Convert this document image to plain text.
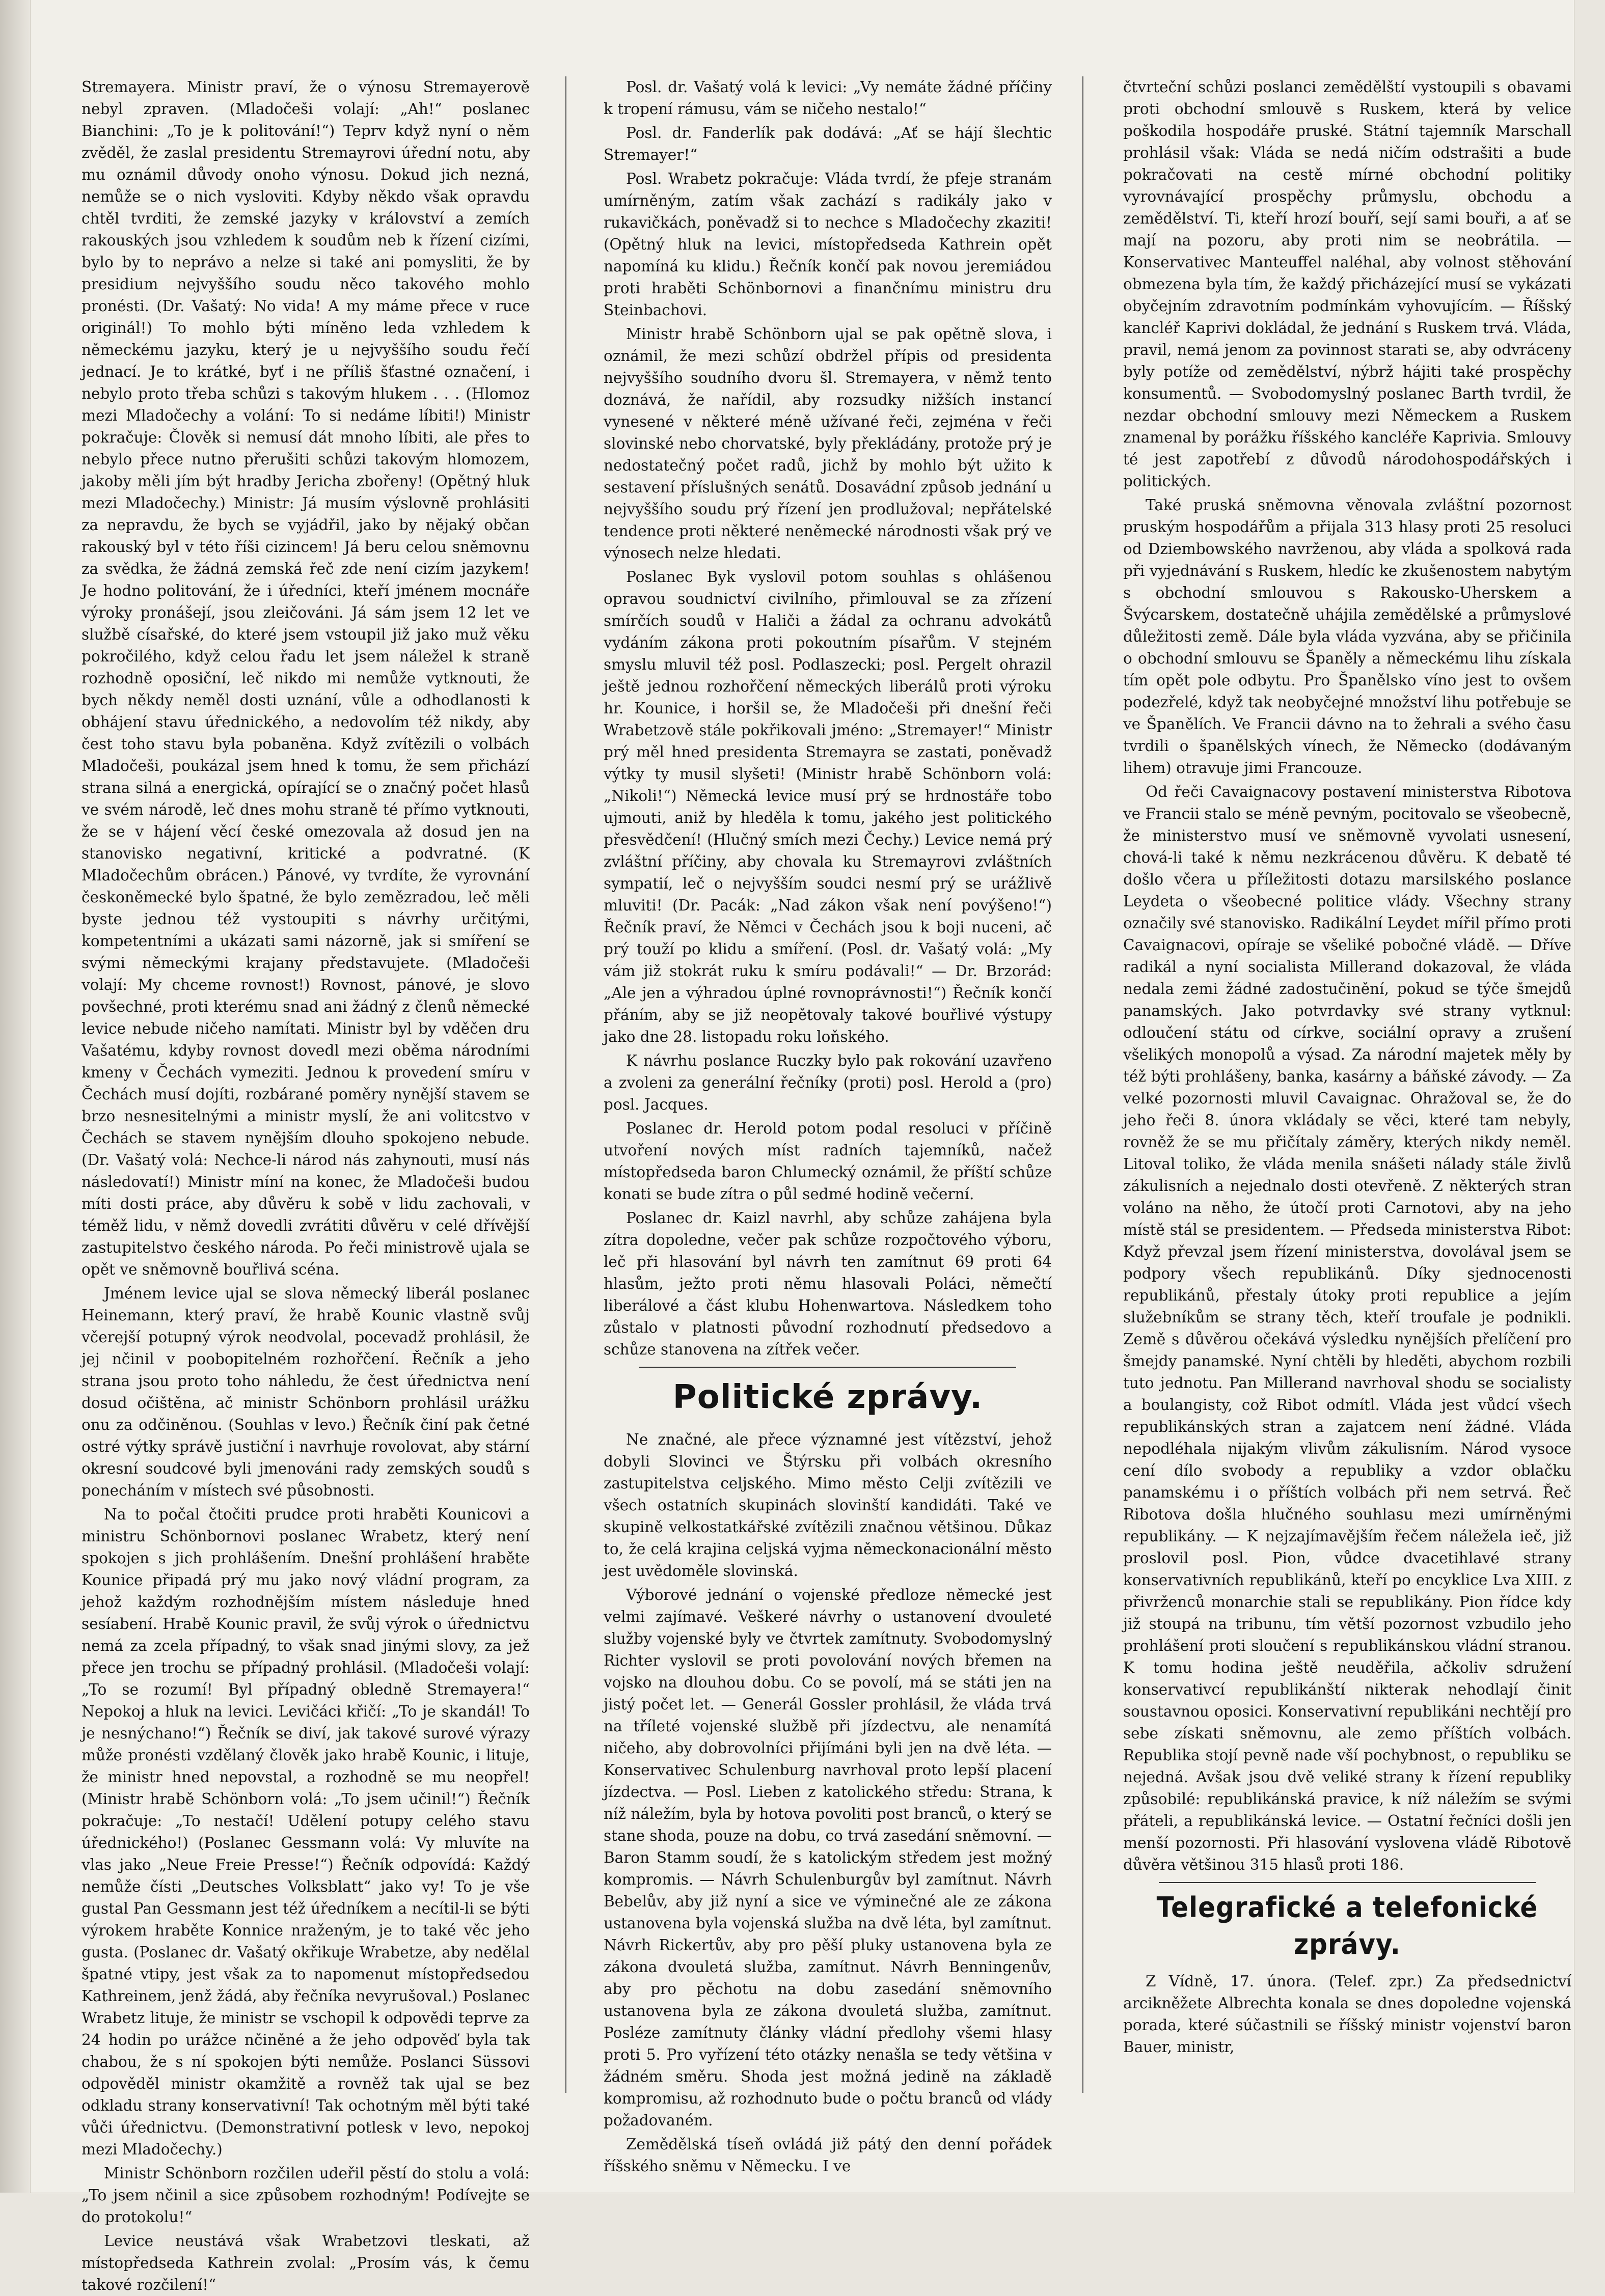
Stremayera. Ministr praví, že o výnosu Stremayerově nebyl zpraven. (Mladočeši volají: „Ah!“ poslanec Bianchini: „To je k politování!“) Teprv když nyní o něm zvěděl, že zaslal presidentu Stremayrovi úřední notu, aby mu oznámil důvody onoho výnosu. Dokud jich nezná, nemůže se o nich vysloviti. Kdyby někdo však opravdu chtěl tvrditi, že zemské jazyky v království a zemích rakouských jsou vzhledem k soudům neb k řízení cizími, bylo by to neprávo a nelze si také ani pomysliti, že by presidium nejvyššího soudu něco takového mohlo pronésti. (Dr. Vašatý: No vida! A my máme přece v ruce originál!) To mohlo býti míněno leda vzhledem k německému jazyku, který je u nejvyššího soudu řečí jednací. Je to krátké, byť i ne příliš šťastné označení, i nebylo proto třeba schůzi s takovým hlukem . . . (Hlomoz mezi Mladočechy a volání: To si nedáme líbiti!) Ministr pokračuje: Člověk si nemusí dát mnoho líbiti, ale přes to nebylo přece nutno přerušiti schůzi takovým hlomozem, jakoby měli jím být hradby Jericha zbořeny! (Opětný hluk mezi Mladočechy.) Ministr: Já musím výslovně prohlásiti za nepravdu, že bych se vyjádřil, jako by nějaký občan rakouský byl v této říši cizincem! Já beru celou sněmovnu za svědka, že žádná zemská řeč zde není cizím jazykem! Je hodno politování, že i úředníci, kteří jménem mocnáře výroky pronášejí, jsou zleičováni. Já sám jsem 12 let ve službě císařské, do které jsem vstoupil již jako muž věku pokročilého, když celou řadu let jsem náležel k straně rozhodně oposiční, leč nikdo mi nemůže vytknouti, že bych někdy neměl dosti uznání, vůle a odhodlanosti k obhájení stavu úřednického, a nedovolím též nikdy, aby čest toho stavu byla pobaněna. Když zvítězili o volbách Mladočeši, poukázal jsem hned k tomu, že sem přichází strana silná a energická, opírající se o značný počet hlasů ve svém národě, leč dnes mohu straně té přímo vytknouti, že se v hájení věcí české omezovala až dosud jen na stanovisko negativní, kritické a podvratné. (K Mladočechům obrácen.) Pánové, vy tvrdíte, že vyrovnání českoněmecké bylo špatné, že bylo zemězradou, leč měli byste jednou též vystoupiti s návrhy určitými, kompetentními a ukázati sami názorně, jak si smíření se svými německými krajany představujete. (Mladočeši volají: My chceme rovnost!) Rovnost, pánové, je slovo povšechné, proti kterému snad ani žádný z členů německé levice nebude ničeho namítati. Ministr byl by vděčen dru Vašatému, kdyby rovnost dovedl mezi oběma národními kmeny v Čechách vymeziti. Jednou k provedení smíru v Čechách musí dojíti, rozbárané poměry nynější stavem se brzo nesnesitelnými a ministr myslí, že ani volitcstvo v Čechách se stavem nynějším dlouho spokojeno nebude. (Dr. Vašatý volá: Nechce-li národ nás zahynouti, musí nás následovatí!) Ministr míní na konec, že Mladočeši budou míti dosti práce, aby důvěru k sobě v lidu zachovali, v téměž lidu, v němž dovedli zvrátiti důvěru v celé dřívější zastupitelstvo českého národa. Po řeči ministrově ujala se opět ve sněmovně bouřlivá scéna.

Jménem levice ujal se slova německý liberál poslanec Heinemann, který praví, že hrabě Kounic vlastně svůj včerejší potupný výrok neodvolal, pocevadž prohlásil, že jej nčinil v poobopitelném rozhořčení. Řečník a jeho strana jsou proto toho náhledu, že čest úřednictva není dosud očištěna, ač ministr Schönborn prohlásil urážku onu za odčiněnou. (Souhlas v levo.) Řečník činí pak četné ostré výtky správě justiční i navrhuje rovolovat, aby stární okresní soudcové byli jmenováni rady zemských soudů s ponecháním v místech své působnosti.

Na to počal čtočiti prudce proti hraběti Kounicovi a ministru Schönbornovi poslanec Wrabetz, který není spokojen s jich prohlášením. Dnešní prohlášení hraběte Kounice připadá prý mu jako nový vládní program, za jehož každým rozhodnějším místem následuje hned sesíabení. Hrabě Kounic pravil, že svůj výrok o úřednictvu nemá za zcela případný, to však snad jinými slovy, za jež přece jen trochu se případný prohlásil. (Mladočeši volají: „To se rozumí! Byl případný obledně Stremayera!“ Nepokoj a hluk na levici. Levičáci křičí: „To je skandál! To je nesnýchano!“) Řečník se diví, jak takové surové výrazy může pronésti vzdělaný člověk jako hrabě Kounic, i lituje, že ministr hned nepovstal, a rozhodně se mu neopřel! (Ministr hrabě Schönborn volá: „To jsem učinil!“) Řečník pokračuje: „To nestačí! Udělení potupy celého stavu úřednického!) (Poslanec Gessmann volá: Vy mluvíte na vlas jako „Neue Freie Presse!“) Řečník odpovídá: Každý nemůže čísti „Deutsches Volksblatt“ jako vy! To je vše gustal Pan Gessmann jest též úředníkem a necítil-li se býti výrokem hraběte Konnice nraženým, je to také věc jeho gusta. (Poslanec dr. Vašatý okřikuje Wrabetze, aby nedělal špatné vtipy, jest však za to napomenut místopředsedou Kathreinem, jenž žádá, aby řečníka nevyrušoval.) Poslanec Wrabetz lituje, že ministr se vschopil k odpovědi teprve za 24 hodin po urážce nčiněné a že jeho odpověď byla tak chabou, že s ní spokojen býti nemůže. Poslanci Süssovi odpověděl ministr okamžitě a rovněž tak ujal se bez odkladu strany konservativní! Tak ochotným měl býti také vůči úřednictvu. (Demonstrativní potlesk v levo, nepokoj mezi Mladočechy.)

Ministr Schönborn rozčilen udeřil pěstí do stolu a volá: „To jsem nčinil a sice způsobem rozhodným! Podívejte se do protokolu!“

Levice neustává však Wrabetzovi tleskati, až místopředseda Kathrein zvolal: „Prosím vás, k čemu takové rozčilení!“

Posl. dr. Vašatý volá k levici: „Vy nemáte žádné příčiny k tropení rámusu, vám se ničeho nestalo!“

Posl. dr. Fanderlík pak dodává: „Ať se hájí šlechtic Stremayer!“

Posl. Wrabetz pokračuje: Vláda tvrdí, že pfeje stranám umírněným, zatím však zachází s radikály jako v rukavičkách, poněvadž si to nechce s Mladočechy zkaziti! (Opětný hluk na levici, místopředseda Kathrein opět napomíná ku klidu.) Řečník končí pak novou jeremiádou proti hraběti Schönbornovi a finančnímu ministru dru Steinbachovi.

Ministr hrabě Schönborn ujal se pak opětně slova, i oznámil, že mezi schůzí obdržel přípis od presidenta nejvyššího soudního dvoru šl. Stremayera, v němž tento doznává, že nařídil, aby rozsudky nižších instancí vynesené v některé méně užívané řeči, zejména v řeči slovinské nebo chorvatské, byly překládány, protože prý je nedostatečný počet radů, jichž by mohlo být užito k sestavení příslušných senátů. Dosavádní způsob jednání u nejvyššího soudu prý řízení jen prodlužoval; nepřátelské tendence proti některé neněmecké národnosti však prý ve výnosech nelze hledati.

Poslanec Byk vyslovil potom souhlas s ohlášenou opravou soudnictví civilního, přimlouval se za zřízení smírčích soudů v Haliči a žádal za ochranu advokátů vydáním zákona proti pokoutním písařům. V stejném smyslu mluvil též posl. Podlaszecki; posl. Pergelt ohrazil ještě jednou rozhořčení německých liberálů proti výroku hr. Kounice, i horšil se, že Mladočeši při dnešní řeči Wrabetzově stále pokřikovali jméno: „Stremayer!“ Ministr prý měl hned presidenta Stremayra se zastati, poněvadž výtky ty musil slyšeti! (Ministr hrabě Schönborn volá: „Nikoli!“) Německá levice musí prý se hrdnostáře tobo ujmouti, aniž by hleděla k tomu, jakého jest politického přesvědčení! (Hlučný smích mezi Čechy.) Levice nemá prý zvláštní příčiny, aby chovala ku Stremayrovi zvláštních sympatií, leč o nejvyšším soudci nesmí prý se urážlivě mluviti! (Dr. Pacák: „Nad zákon však není povýšeno!“) Řečník praví, že Němci v Čechách jsou k boji nuceni, ač prý touží po klidu a smíření. (Posl. dr. Vašatý volá: „My vám již stokrát ruku k smíru podávali!“ — Dr. Brzorád: „Ale jen a výhradou úplné rovnoprávnosti!“) Řečník končí přáním, aby se již neopětovaly takové bouřlivé výstupy jako dne 28. listopadu roku loňského.

K návrhu poslance Ruczky bylo pak rokování uzavřeno a zvoleni za generální řečníky (proti) posl. Herold a (pro) posl. Jacques.

Poslanec dr. Herold potom podal resoluci v příčině utvoření nových míst radních tajemníků, načež místopředseda baron Chlumecký oznámil, že příští schůze konati se bude zítra o půl sedmé hodině večerní.

Poslanec dr. Kaizl navrhl, aby schůze zahájena byla zítra dopoledne, večer pak schůze rozpočtového výboru, leč při hlasování byl návrh ten zamítnut 69 proti 64 hlasům, ježto proti němu hlasovali Poláci, němečtí liberálové a část klubu Hohenwartova. Následkem toho zůstalo v platnosti původní rozhodnutí předsedovo a schůze stanovena na zítřek večer.

Politické zprávy.

Ne značné, ale přece významné jest vítězství, jehož dobyli Slovinci ve Štýrsku při volbách okresního zastupitelstva celjského. Mimo město Celji zvítězili ve všech ostatních skupinách slovinští kandidáti. Také ve skupině velkostatkářské zvítězili značnou většinou. Důkaz to, že celá krajina celjská vyjma německonacionální město jest uvědoměle slovinská.

Výborové jednání o vojenské předloze německé jest velmi zajímavé. Veškeré návrhy o ustanovení dvouleté služby vojenské byly ve čtvrtek zamítnuty. Svobodomyslný Richter vyslovil se proti povolování nových břemen na vojsko na dlouhou dobu. Co se povolí, má se státi jen na jistý počet let. — Generál Gossler prohlásil, že vláda trvá na tříleté vojenské službě při jízdectvu, ale nenamítá ničeho, aby dobrovolníci přijímáni byli jen na dvě léta. — Konservativec Schulenburg navrhoval proto lepší placení jízdectva. — Posl. Lieben z katolického středu: Strana, k níž náležím, byla by hotova povoliti post branců, o který se stane shoda, pouze na dobu, co trvá zasedání sněmovní. — Baron Stamm soudí, že s katolickým středem jest možný kompromis. — Návrh Schulenburgův byl zamítnut. Návrh Bebelův, aby již nyní a sice ve výminečné ale ze zákona ustanovena byla vojenská služba na dvě léta, byl zamítnut. Návrh Rickertův, aby pro pěší pluky ustanovena byla ze zákona dvouletá služba, zamítnut. Návrh Benningenův, aby pro pěchotu na dobu zasedání sněmovního ustanovena byla ze zákona dvouletá služba, zamítnut. Posléze zamítnuty články vládní předlohy všemi hlasy proti 5. Pro vyřízení této otázky nenašla se tedy většina v žádném směru. Shoda jest možná jedině na základě kompromisu, až rozhodnuto bude o počtu branců od vlády požadovaném.

Zemědělská tíseň ovládá již pátý den denní pořádek říšského sněmu v Německu. I ve

čtvrteční schůzi poslanci zemědělští vystoupili s obavami proti obchodní smlouvě s Ruskem, která by velice poškodila hospodáře pruské. Státní tajemník Marschall prohlásil však: Vláda se nedá ničím odstrašiti a bude pokračovati na cestě mírné obchodní politiky vyrovnávající prospěchy průmyslu, obchodu a zemědělství. Ti, kteří hrozí bouří, sejí sami bouři, a ať se mají na pozoru, aby proti nim se neobrátila. — Konservativec Manteuffel naléhal, aby volnost stěhování obmezena byla tím, že každý přicházející musí se vykázati obyčejním zdravotním podmínkám vyhovujícím. — Říšský kancléř Kaprivi dokládal, že jednání s Ruskem trvá. Vláda, pravil, nemá jenom za povinnost starati se, aby odvráceny byly potíže od zemědělství, nýbrž hájiti také prospěchy konsumentů. — Svobodomyslný poslanec Barth tvrdil, že nezdar obchodní smlouvy mezi Německem a Ruskem znamenal by porážku říšského kancléře Kaprivia. Smlouvy té jest zapotřebí z důvodů národohospodářských i politických.

Také pruská sněmovna věnovala zvláštní pozornost pruským hospodářům a přijala 313 hlasy proti 25 resoluci od Dziembowského navrženou, aby vláda a spolková rada při vyjednávání s Ruskem, hledíc ke zkušenostem nabytým s obchodní smlouvou s Rakousko-Uherskem a Švýcarskem, dostatečně uhájila zemědělské a průmyslové důležitosti země. Dále byla vláda vyzvána, aby se přičinila o obchodní smlouvu se Španěly a německému lihu získala tím opět pole odbytu. Pro Španělsko víno jest to ovšem podezřelé, když tak neobyčejné množství lihu potřebuje se ve Španělích. Ve Francii dávno na to žehrali a svého času tvrdili o španělských vínech, že Německo (dodávaným lihem) otravuje jimi Francouze.

Od řeči Cavaignacovy postavení ministerstva Ribotova ve Francii stalo se méně pevným, pocitovalo se všeobecně, že ministerstvo musí ve sněmovně vyvolati usnesení, chová-li také k němu nezkrácenou důvěru. K debatě té došlo včera u příležitosti dotazu marsilského poslance Leydeta o všeobecné politice vlády. Všechny strany označily své stanovisko. Radikální Leydet mířil přímo proti Cavaignacovi, opíraje se všeliké pobočné vládě. — Dříve radikál a nyní socialista Millerand dokazoval, že vláda nedala zemi žádné zadostučinění, pokud se týče šmejdů panamských. Jako potvrdavky své strany vytknul: odloučení státu od církve, sociální opravy a zrušení všelikých monopolů a výsad. Za národní majetek měly by též býti prohlášeny, banka, kasárny a báňské závody. — Za velké pozornosti mluvil Cavaignac. Ohražoval se, že do jeho řeči 8. února vkládaly se věci, které tam nebyly, rovněž že se mu přičítaly záměry, kterých nikdy neměl. Litoval toliko, že vláda menila snášeti nálady stále živlů zákulisních a nejednalo dosti otevřeně. Z některých stran voláno na něho, že útočí proti Carnotovi, aby na jeho místě stál se presidentem. — Předseda ministerstva Ribot: Když převzal jsem řízení ministerstva, dovolával jsem se podpory všech republikánů. Díky sjednocenosti republikánů, přestaly útoky proti republice a jejím služebníkům se strany těch, kteří troufale je podnikli. Země s důvěrou očekává výsledku nynějších přelíčení pro šmejdy panamské. Nyní chtěli by hleděti, abychom rozbili tuto jednotu. Pan Millerand navrhoval shodu se socialisty a boulangisty, což Ribot odmítl. Vláda jest vůdcí všech republikánských stran a zajatcem není žádné. Vláda nepodléhala nijakým vlivům zákulisním. Národ vysoce cení dílo svobody a republiky a vzdor oblačku panamskému i o příštích volbách při nem setrvá. Řeč Ribotova došla hlučného souhlasu mezi umírněnými republikány. — K nejzajímavějším řečem náleželа ieč, již proslovil posl. Pion, vůdce dvacetihlavé strany konservativních republikánů, kteří po encyklice Lva XIII. z přivrženců monarchie stali se republikány. Pion řídce kdy již stoupá na tribunu, tím větší pozornost vzbudilo jeho prohlášení proti sloučení s republikánskou vládní stranou. K tomu hodina ještě neuděřila, ačkoliv sdružení konservativcí republikánští nikterak nehodlají činit soustavnou oposici. Konservativní republikáni nechtějí pro sebe získati sněmovnu, ale zemo příštích volbách. Republika stojí pevně nade vší pochybnost, o republiku se nejedná. Avšak jsou dvě veliké strany k řízení republiky způsobilé: republikánská pravice, k níž náležím se svými přáteli, a republikánská levice. — Ostatní řečníci došli jen menší pozornosti. Při hlasování vyslovena vládě Ribotově důvěra většinou 315 hlasů proti 186.

Telegrafické a telefonické zprávy.

Z Vídně, 17. února. (Telef. zpr.) Za předsednictví arcikněžete Albrechta konala se dnes dopoledne vojenská porada, které súčastnili se říšský ministr vojenství baron Bauer, ministr,
